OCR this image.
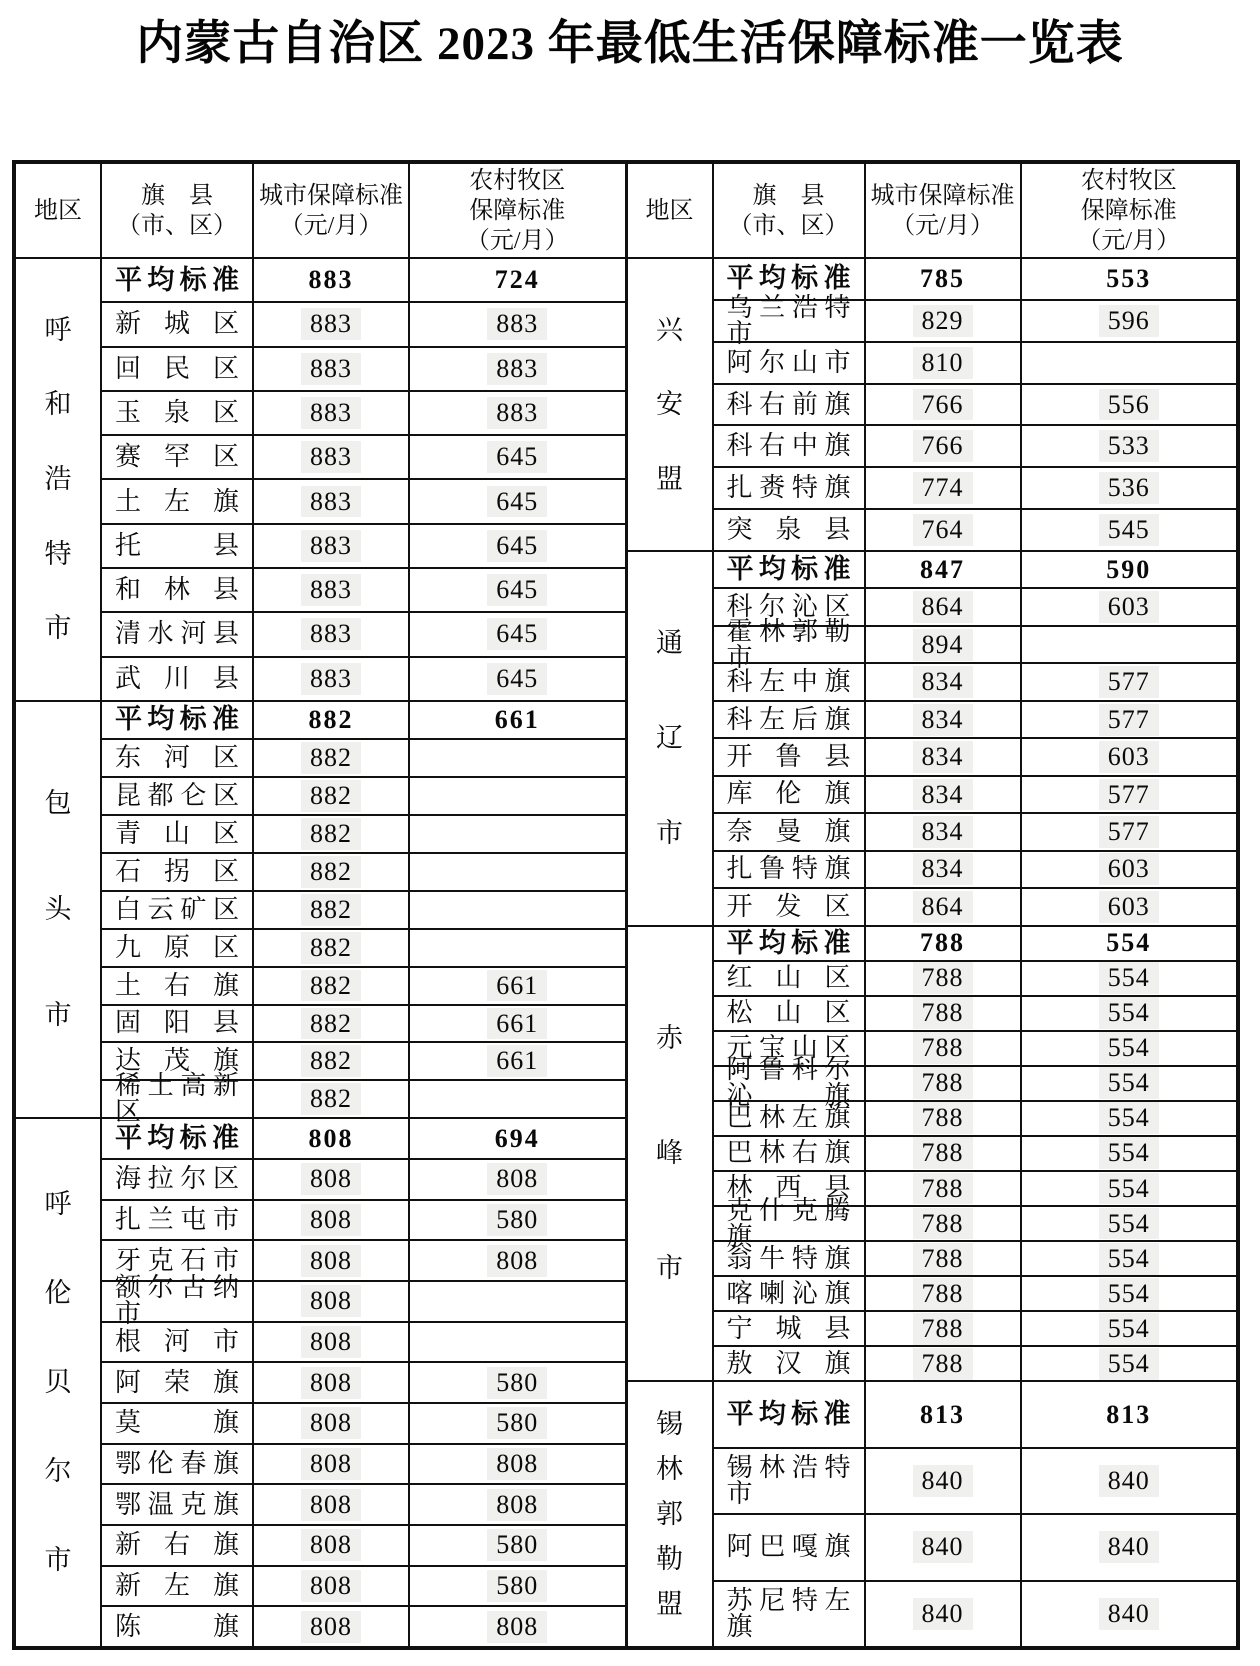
内蒙古自治区 2023 年最低生活保障标准一览表
地区
旗　县
（市、区）
城市保障标准
（元/月）
农村牧区
保障标准
（元/月）
呼
和
浩
特
市
平均标准	883	724
新城区	883	883
回民区	883	883
玉泉区	883	883
赛罕区	883	645
土左旗	883	645
托县	883	645
和林县	883	645
清水河县	883	645
武川县	883	645
包
头
市
平均标准	882	661
东河区	882
昆都仑区	882
青山区	882
石拐区	882
白云矿区	882
九原区	882
土右旗	882	661
固阳县	882	661
达茂旗	882	661
稀土高新区	882
呼
伦
贝
尔
市
平均标准	808	694
海拉尔区	808	808
扎兰屯市	808	580
牙克石市	808	808
额尔古纳市	808
根河市	808
阿荣旗	808	580
莫旗	808	580
鄂伦春旗	808	808
鄂温克旗	808	808
新右旗	808	580
新左旗	808	580
陈旗	808	808
地区
旗　县
（市、区）
城市保障标准
（元/月）
农村牧区
保障标准
（元/月）
兴
安
盟
平均标准	785	553
乌兰浩特市	829	596
阿尔山市	810
科右前旗	766	556
科右中旗	766	533
扎赉特旗	774	536
突泉县	764	545
通
辽
市
平均标准	847	590
科尔沁区	864	603
霍林郭勒市	894
科左中旗	834	577
科左后旗	834	577
开鲁县	834	603
库伦旗	834	577
奈曼旗	834	577
扎鲁特旗	834	603
开发区	864	603
赤
峰
市
平均标准	788	554
红山区	788	554
松山区	788	554
元宝山区	788	554
阿鲁科尔沁旗	788	554
巴林左旗	788	554
巴林右旗	788	554
林西县	788	554
克什克腾旗	788	554
翁牛特旗	788	554
喀喇沁旗	788	554
宁城县	788	554
敖汉旗	788	554
锡
林
郭
勒
盟
平均标准	813	813
锡林浩特市	840	840
阿巴嘎旗	840	840
苏尼特左旗	840	840
